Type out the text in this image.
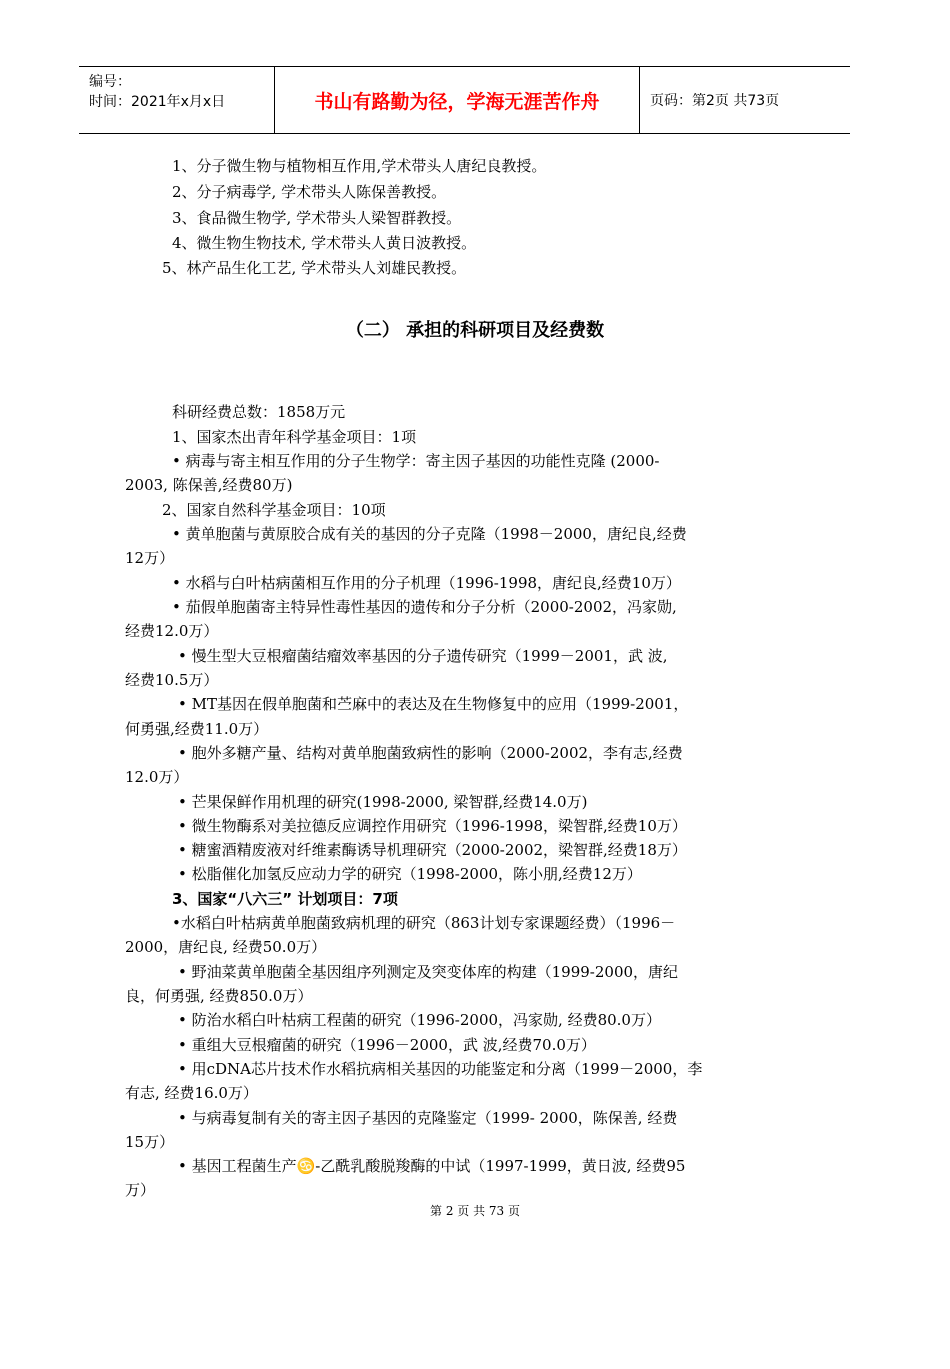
编号：
时间：2021年x月x日	书山有路勤为径，学海无涯苦作舟	页码：第2页 共73页
1、分子微生物与植物相互作用,学术带头人唐纪良教授。
2、分子病毒学, 学术带头人陈保善教授。
3、食品微生物学, 学术带头人梁智群教授。
4、微生物生物技术, 学术带头人黄日波教授。
5、林产品生化工艺, 学术带头人刘雄民教授。
（二） 承担的科研项目及经费数
科研经费总数：1858万元
1、国家杰出青年科学基金项目：1项
• 病毒与寄主相互作用的分子生物学：寄主因子基因的功能性克隆 (2000-
2003, 陈保善,经费80万)
2、国家自然科学基金项目：10项
• 黄单胞菌与黄原胶合成有关的基因的分子克隆（1998－2000，唐纪良,经费
12万）
• 水稻与白叶枯病菌相互作用的分子机理（1996-1998，唐纪良,经费10万）
• 茄假单胞菌寄主特异性毒性基因的遗传和分子分析（2000-2002，冯家勋,
经费12.0万）
• 慢生型大豆根瘤菌结瘤效率基因的分子遗传研究（1999－2001，武 波,
经费10.5万）
• MT基因在假单胞菌和苎麻中的表达及在生物修复中的应用（1999-2001，
何勇强,经费11.0万）
• 胞外多糖产量、结构对黄单胞菌致病性的影响（2000-2002，李有志,经费
12.0万）
• 芒果保鲜作用机理的研究(1998-2000, 梁智群,经费14.0万)
• 微生物酶系对美拉德反应调控作用研究（1996-1998，梁智群,经费10万）
• 糖蜜酒精废液对纤维素酶诱导机理研究（2000-2002，梁智群,经费18万）
• 松脂催化加氢反应动力学的研究（1998-2000，陈小朋,经费12万）
3、国家“八六三” 计划项目：7项
•水稻白叶枯病黄单胞菌致病机理的研究（863计划专家课题经费）（1996－
2000，唐纪良, 经费50.0万）
• 野油菜黄单胞菌全基因组序列测定及突变体库的构建（1999-2000，唐纪
良，何勇强, 经费850.0万）
• 防治水稻白叶枯病工程菌的研究（1996-2000，冯家勋, 经费80.0万）
• 重组大豆根瘤菌的研究（1996－2000，武 波,经费70.0万）
• 用cDNA芯片技术作水稻抗病相关基因的功能鉴定和分离（1999－2000，李
有志, 经费16.0万）
• 与病毒复制有关的寄主因子基因的克隆鉴定（1999- 2000，陈保善, 经费
15万）
• 基因工程菌生产♋-乙酰乳酸脱羧酶的中试（1997-1999，黄日波, 经费95
万）
第 2 页 共 73 页
